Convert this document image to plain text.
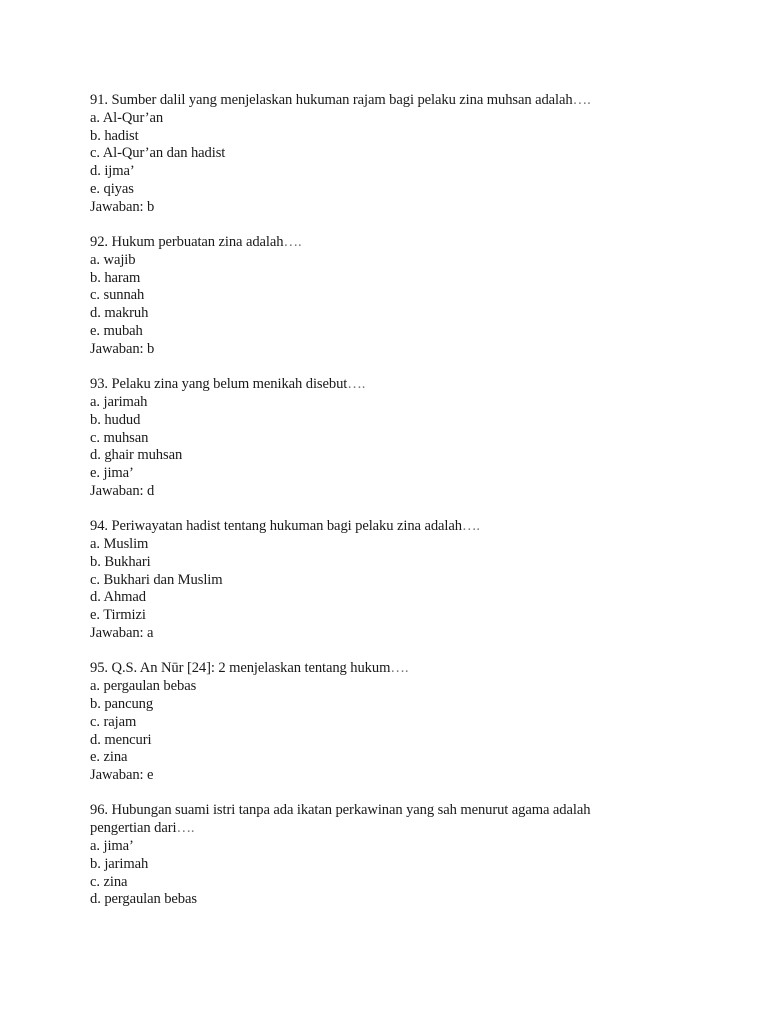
91. Sumber dalil yang menjelaskan hukuman rajam bagi pelaku zina muhsan adalah….
a. Al-Qur’an
b. hadist
c. Al-Qur’an dan hadist
d. ijma’
e. qiyas
Jawaban: b
92. Hukum perbuatan zina adalah….
a. wajib
b. haram
c. sunnah
d. makruh
e. mubah
Jawaban: b
93. Pelaku zina yang belum menikah disebut….
a. jarimah
b. hudud
c. muhsan
d. ghair muhsan
e. jima’
Jawaban: d
94. Periwayatan hadist tentang hukuman bagi pelaku zina adalah….
a. Muslim
b. Bukhari
c. Bukhari dan Muslim
d. Ahmad
e. Tirmizi
Jawaban: a
95. Q.S. An Nūr [24]: 2 menjelaskan tentang hukum….
a. pergaulan bebas
b. pancung
c. rajam
d. mencuri
e. zina
Jawaban: e
96. Hubungan suami istri tanpa ada ikatan perkawinan yang sah menurut agama adalah pengertian dari….
a. jima’
b. jarimah
c. zina
d. pergaulan bebas
